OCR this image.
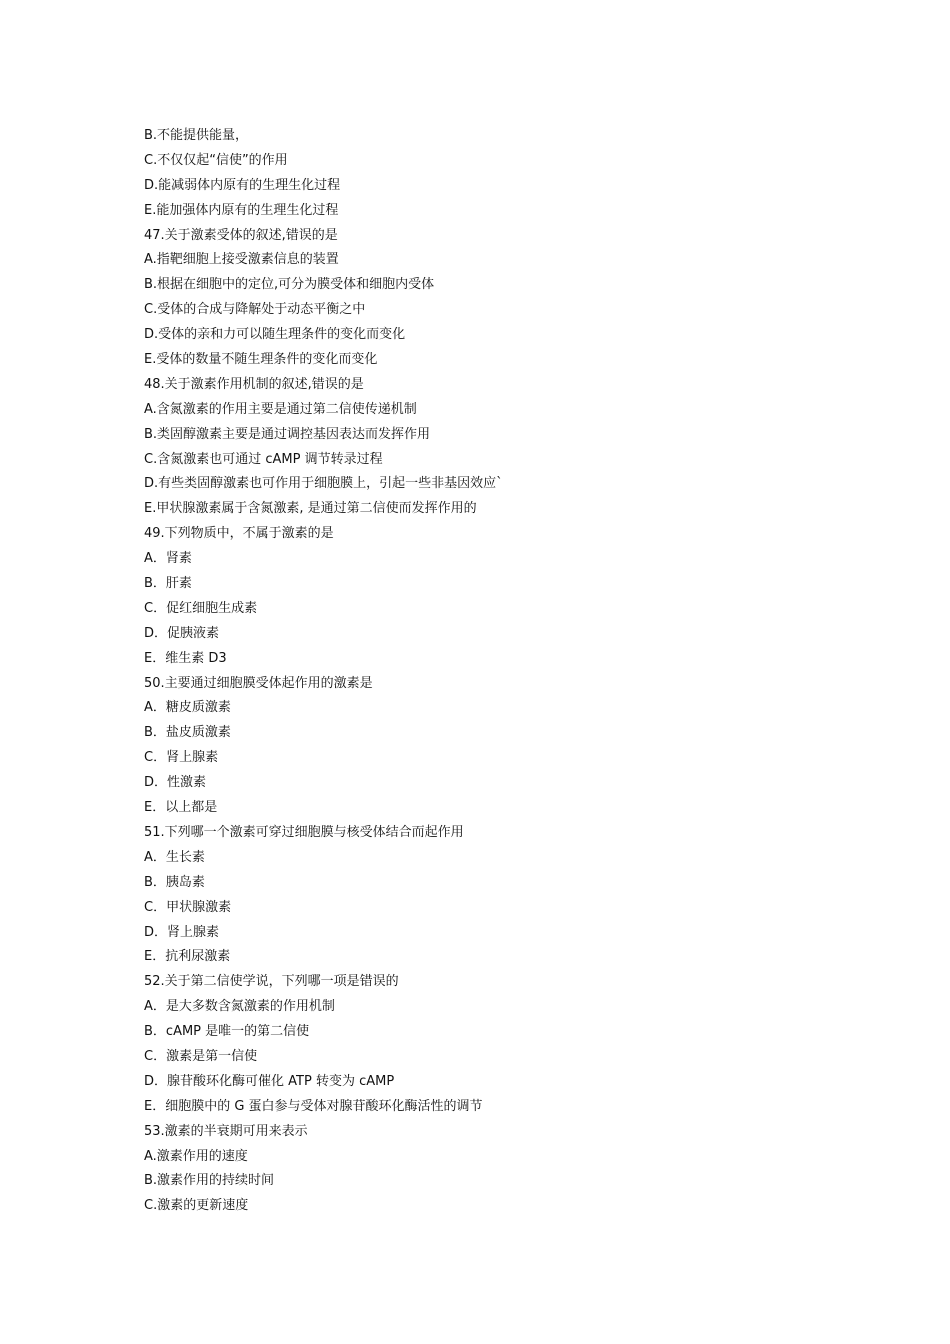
B.不能提供能量，
C.不仅仅起“信使”的作用
D.能减弱体内原有的生理生化过程
E.能加强体内原有的生理生化过程
47.关于激素受体的叙述,错误的是
A.指靶细胞上接受激素信息的装置
B.根据在细胞中的定位,可分为膜受体和细胞内受体
C.受体的合成与降解处于动态平衡之中
D.受体的亲和力可以随生理条件的变化而变化
E.受体的数量不随生理条件的变化而变化
48.关于激素作用机制的叙述,错误的是
A.含氮激素的作用主要是通过第二信使传递机制
B.类固醇激素主要是通过调控基因表达而发挥作用
C.含氮激素也可通过 cAMP 调节转录过程
D.有些类固醇激素也可作用于细胞膜上，引起一些非基因效应`
E.甲状腺激素属于含氮激素, 是通过第二信使而发挥作用的
49.下列物质中，不属于激素的是
A．肾素
B．肝素
C．促红细胞生成素
D．促胰液素
E．维生素 D3
50.主要通过细胞膜受体起作用的激素是
A．糖皮质激素
B．盐皮质激素
C．肾上腺素
D．性激素
E．以上都是
51.下列哪一个激素可穿过细胞膜与核受体结合而起作用
A．生长素
B．胰岛素
C．甲状腺激素
D．肾上腺素
E．抗利尿激素
52.关于第二信使学说，下列哪一项是错误的
A．是大多数含氮激素的作用机制
B．cAMP 是唯一的第二信使
C．激素是第一信使
D．腺苷酸环化酶可催化 ATP 转变为 cAMP
E．细胞膜中的 G 蛋白参与受体对腺苷酸环化酶活性的调节
53.激素的半衰期可用来表示
A.激素作用的速度
B.激素作用的持续时间
C.激素的更新速度
